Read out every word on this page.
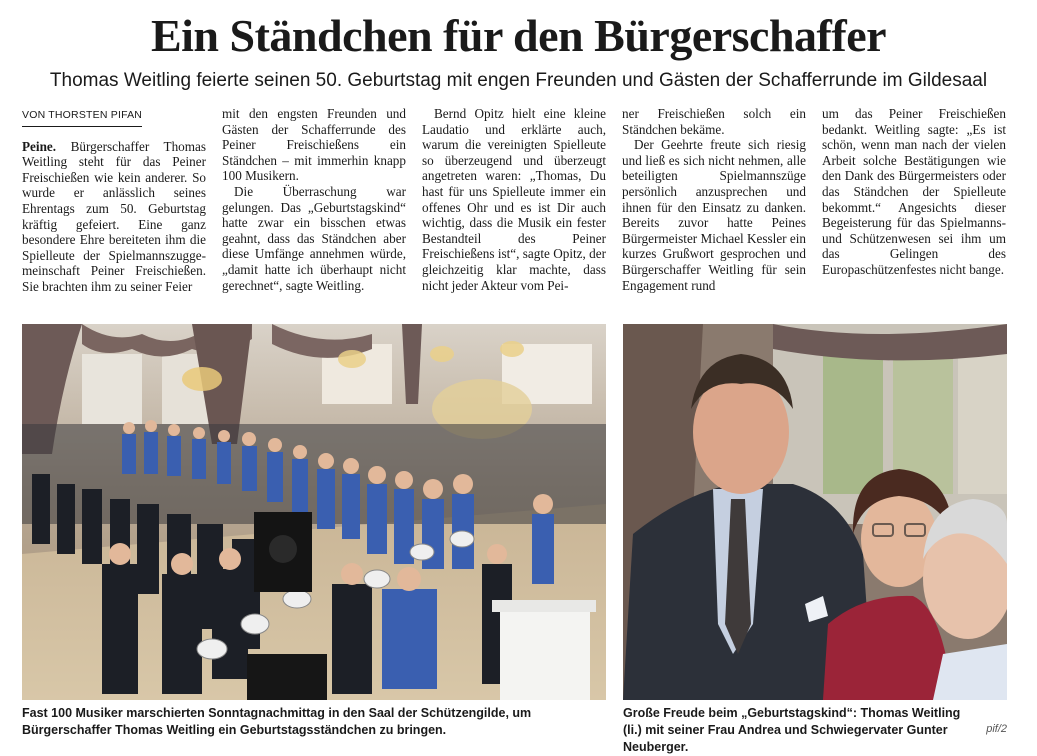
Ein Ständchen für den Bürgerschaffer

Thomas Weitling feierte seinen 50. Geburtstag mit engen Freunden und Gästen der Schafferrunde im Gildesaal

VON THORSTEN PIFAN

Peine. Bürgerschaffer Thomas Weitling steht für das Peiner Freischießen wie kein anderer. So wurde er anlässlich seines Ehrentags zum 50. Geburtstag kräftig gefeiert. Eine ganz besondere Ehre bereiteten ihm die Spielleute der Spielmannszuggemeinschaft Peiner Freischießen. Sie brachten ihm zu seiner Feier

mit den engsten Freunden und Gästen der Schafferrunde des Peiner Freischießens ein Ständchen – mit immerhin knapp 100 Musikern.

Die Überraschung war gelungen. Das „Geburtstagskind“ hatte zwar ein bisschen etwas geahnt, dass das Ständchen aber diese Umfänge annehmen würde, „damit hatte ich überhaupt nicht gerechnet“, sagte Weitling.

Bernd Opitz hielt eine kleine Laudatio und erklärte auch, warum die vereinigten Spielleute so überzeugend und überzeugt angetreten waren: „Thomas, Du hast für uns Spielleute immer ein offenes Ohr und es ist Dir auch wichtig, dass die Musik ein fester Bestandteil des Peiner Freischießens ist“, sagte Opitz, der gleichzeitig klar machte, dass nicht jeder Akteur vom Pei-

ner Freischießen solch ein Ständchen bekäme.

Der Geehrte freute sich riesig und ließ es sich nicht nehmen, alle beteiligten Spielmannszüge persönlich anzusprechen und ihnen für den Einsatz zu danken. Bereits zuvor hatte Peines Bürgermeister Michael Kessler ein kurzes Grußwort gesprochen und Bürgerschaffer Weitling für sein Engagement rund

um das Peiner Freischießen bedankt. Weitling sagte: „Es ist schön, wenn man nach der vielen Arbeit solche Bestätigungen wie den Dank des Bürgermeisters oder das Ständchen der Spielleute bekommt.“ Angesichts dieser Begeisterung für das Spielmanns- und Schützenwesen sei ihm um das Gelingen des Europaschützenfestes nicht bange.

Fast 100 Musiker marschierten Sonntagnachmittag in den Saal der Schützengilde, um Bürgerschaffer Thomas Weitling ein Geburtstagsständchen zu bringen.
Große Freude beim „Geburtstagskind“: Thomas Weitling (li.) mit seiner Frau Andrea und Schwiegervater Gunter Neuberger.
pif/2
